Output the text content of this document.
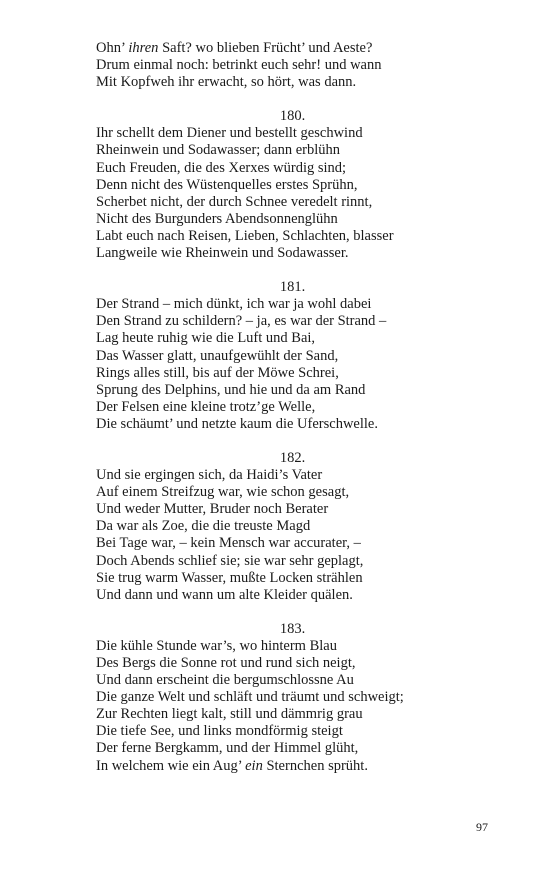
Ohn’ ihren Saft? wo blieben Frücht’ und Aeste?
Drum einmal noch: betrinkt euch sehr! und wann
Mit Kopfweh ihr erwacht, so hört, was dann.
180.
Ihr schellt dem Diener und bestellt geschwind
Rheinwein und Sodawasser; dann erblühn
Euch Freuden, die des Xerxes würdig sind;
Denn nicht des Wüstenquelles erstes Sprühn,
Scherbet nicht, der durch Schnee veredelt rinnt,
Nicht des Burgunders Abendsonnenglühn
Labt euch nach Reisen, Lieben, Schlachten, blasser
Langweile wie Rheinwein und Sodawasser.
181.
Der Strand – mich dünkt, ich war ja wohl dabei
Den Strand zu schildern? – ja, es war der Strand –
Lag heute ruhig wie die Luft und Bai,
Das Wasser glatt, unaufgewühlt der Sand,
Rings alles still, bis auf der Möwe Schrei,
Sprung des Delphins, und hie und da am Rand
Der Felsen eine kleine trotz’ge Welle,
Die schäumt’ und netzte kaum die Uferschwelle.
182.
Und sie ergingen sich, da Haidi’s Vater
Auf einem Streifzug war, wie schon gesagt,
Und weder Mutter, Bruder noch Berater
Da war als Zoe, die die treuste Magd
Bei Tage war, – kein Mensch war accurater, –
Doch Abends schlief sie; sie war sehr geplagt,
Sie trug warm Wasser, mußte Locken strählen
Und dann und wann um alte Kleider quälen.
183.
Die kühle Stunde war’s, wo hinterm Blau
Des Bergs die Sonne rot und rund sich neigt,
Und dann erscheint die bergumschlossne Au
Die ganze Welt und schläft und träumt und schweigt;
Zur Rechten liegt kalt, still und dämmrig grau
Die tiefe See, und links mondförmig steigt
Der ferne Bergkamm, und der Himmel glüht,
In welchem wie ein Aug’ ein Sternchen sprüht.
97
